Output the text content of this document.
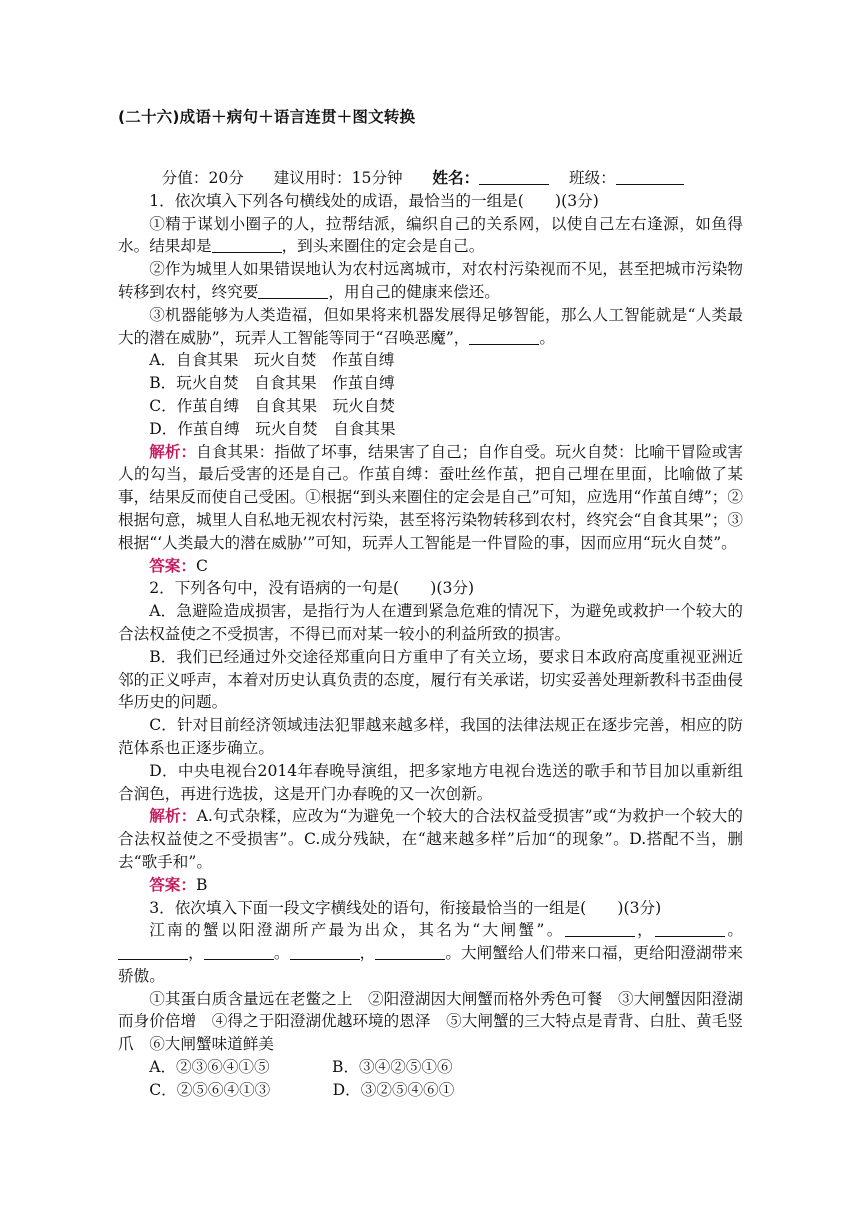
(二十六)成语＋病句＋语言连贯＋图文转换

分值：20分 建议用时：15分钟 姓名：	班级：

1．依次填入下列各句横线处的成语，最恰当的一组是(　　)(3分)

①精于谋划小圈子的人，拉帮结派，编织自己的关系网，以使自己左右逢源，如鱼得水。结果却是	，到头来圈住的定会是自己。

②作为城里人如果错误地认为农村远离城市，对农村污染视而不见，甚至把城市污染物转移到农村，终究要	，用自己的健康来偿还。

③机器能够为人类造福，但如果将来机器发展得足够智能，那么人工智能就是“人类最大的潜在威胁”，玩弄人工智能等同于“召唤恶魔”，	。

A．自食其果　玩火自焚　作茧自缚

B．玩火自焚　自食其果　作茧自缚

C．作茧自缚　自食其果　玩火自焚

D．作茧自缚　玩火自焚　自食其果

解析：自食其果：指做了坏事，结果害了自己；自作自受。玩火自焚：比喻干冒险或害人的勾当，最后受害的还是自己。作茧自缚：蚕吐丝作茧，把自己埋在里面，比喻做了某事，结果反而使自己受困。①根据“到头来圈住的定会是自己”可知，应选用“作茧自缚”；②根据句意，城里人自私地无视农村污染，甚至将污染物转移到农村，终究会“自食其果”；③根据“‘人类最大的潜在威胁’”可知，玩弄人工智能是一件冒险的事，因而应用“玩火自焚”。

答案：C

2．下列各句中，没有语病的一句是(　　)(3分)

A．急避险造成损害，是指行为人在遭到紧急危难的情况下，为避免或救护一个较大的合法权益使之不受损害，不得已而对某一较小的利益所致的损害。

B．我们已经通过外交途径郑重向日方重申了有关立场，要求日本政府高度重视亚洲近邻的正义呼声，本着对历史认真负责的态度，履行有关承诺，切实妥善处理新教科书歪曲侵华历史的问题。

C．针对目前经济领域违法犯罪越来越多样，我国的法律法规正在逐步完善，相应的防范体系也正逐步确立。

D．中央电视台2014年春晚导演组，把多家地方电视台选送的歌手和节目加以重新组合润色，再进行选拔，这是开门办春晚的又一次创新。

解析：A.句式杂糅，应改为“为避免一个较大的合法权益受损害”或“为救护一个较大的合法权益使之不受损害”。C.成分残缺，在“越来越多样”后加“的现象”。D.搭配不当，删去“歌手和”。

答案：B

3．依次填入下面一段文字横线处的语句，衔接最恰当的一组是(　　)(3分)

江南的蟹以阳澄湖所产最为出众，其名为“大闸蟹”。	，	。，	。	，	。大闸蟹给人们带来口福，更给阳澄湖带来骄傲。

①其蛋白质含量远在老鳖之上　②阳澄湖因大闸蟹而格外秀色可餐　③大闸蟹因阳澄湖而身价倍增　④得之于阳澄湖优越环境的恩泽　⑤大闸蟹的三大特点是青背、白肚、黄毛竖爪　⑥大闸蟹味道鲜美

A．②③⑥④①⑤	B．③④②⑤①⑥

C．②⑤⑥④①③	D．③②⑤④⑥①
